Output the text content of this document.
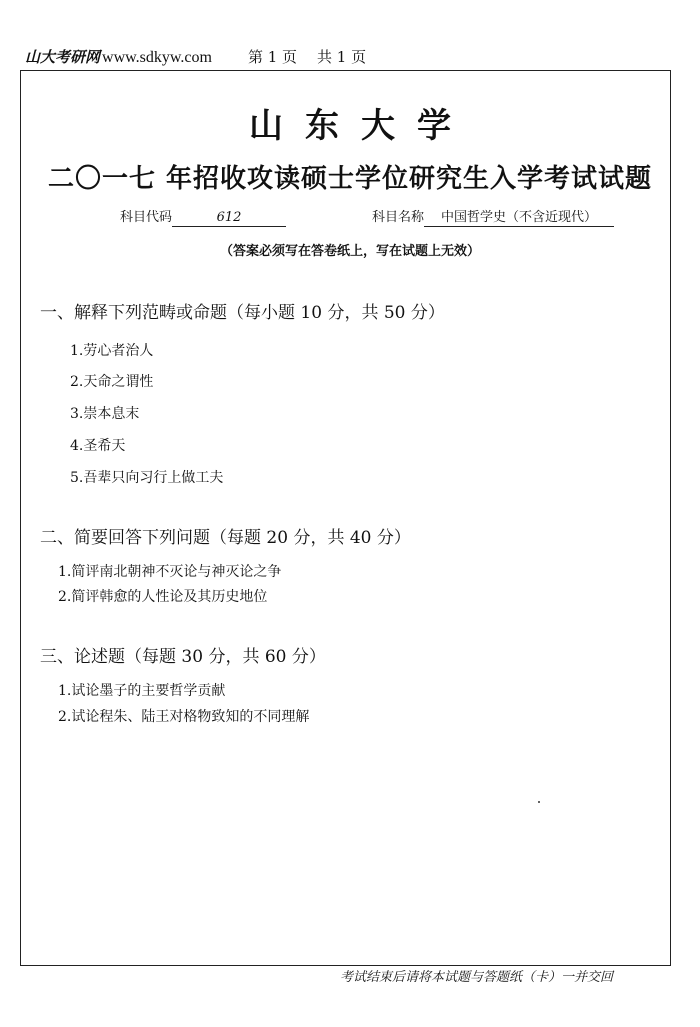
山大考研网 www.sdkyw.com 第 1 页 共 1 页
山东大学
二〇一七 年招收攻读硕士学位研究生入学考试试题
科目代码	612	科目名称 中国哲学史（不含近现代）
（答案必须写在答卷纸上，写在试题上无效）
一、解释下列范畴或命题（每小题 10 分，共 50 分）
1.劳心者治人
2.天命之谓性
3.崇本息末
4.圣希天
5.吾辈只向习行上做工夫
二、简要回答下列问题（每题 20 分，共 40 分）
1.简评南北朝神不灭论与神灭论之争
2.简评韩愈的人性论及其历史地位
三、论述题（每题 30 分，共 60 分）
1.试论墨子的主要哲学贡献
2.试论程朱、陆王对格物致知的不同理解
考试结束后请将本试题与答题纸（卡）一并交回
